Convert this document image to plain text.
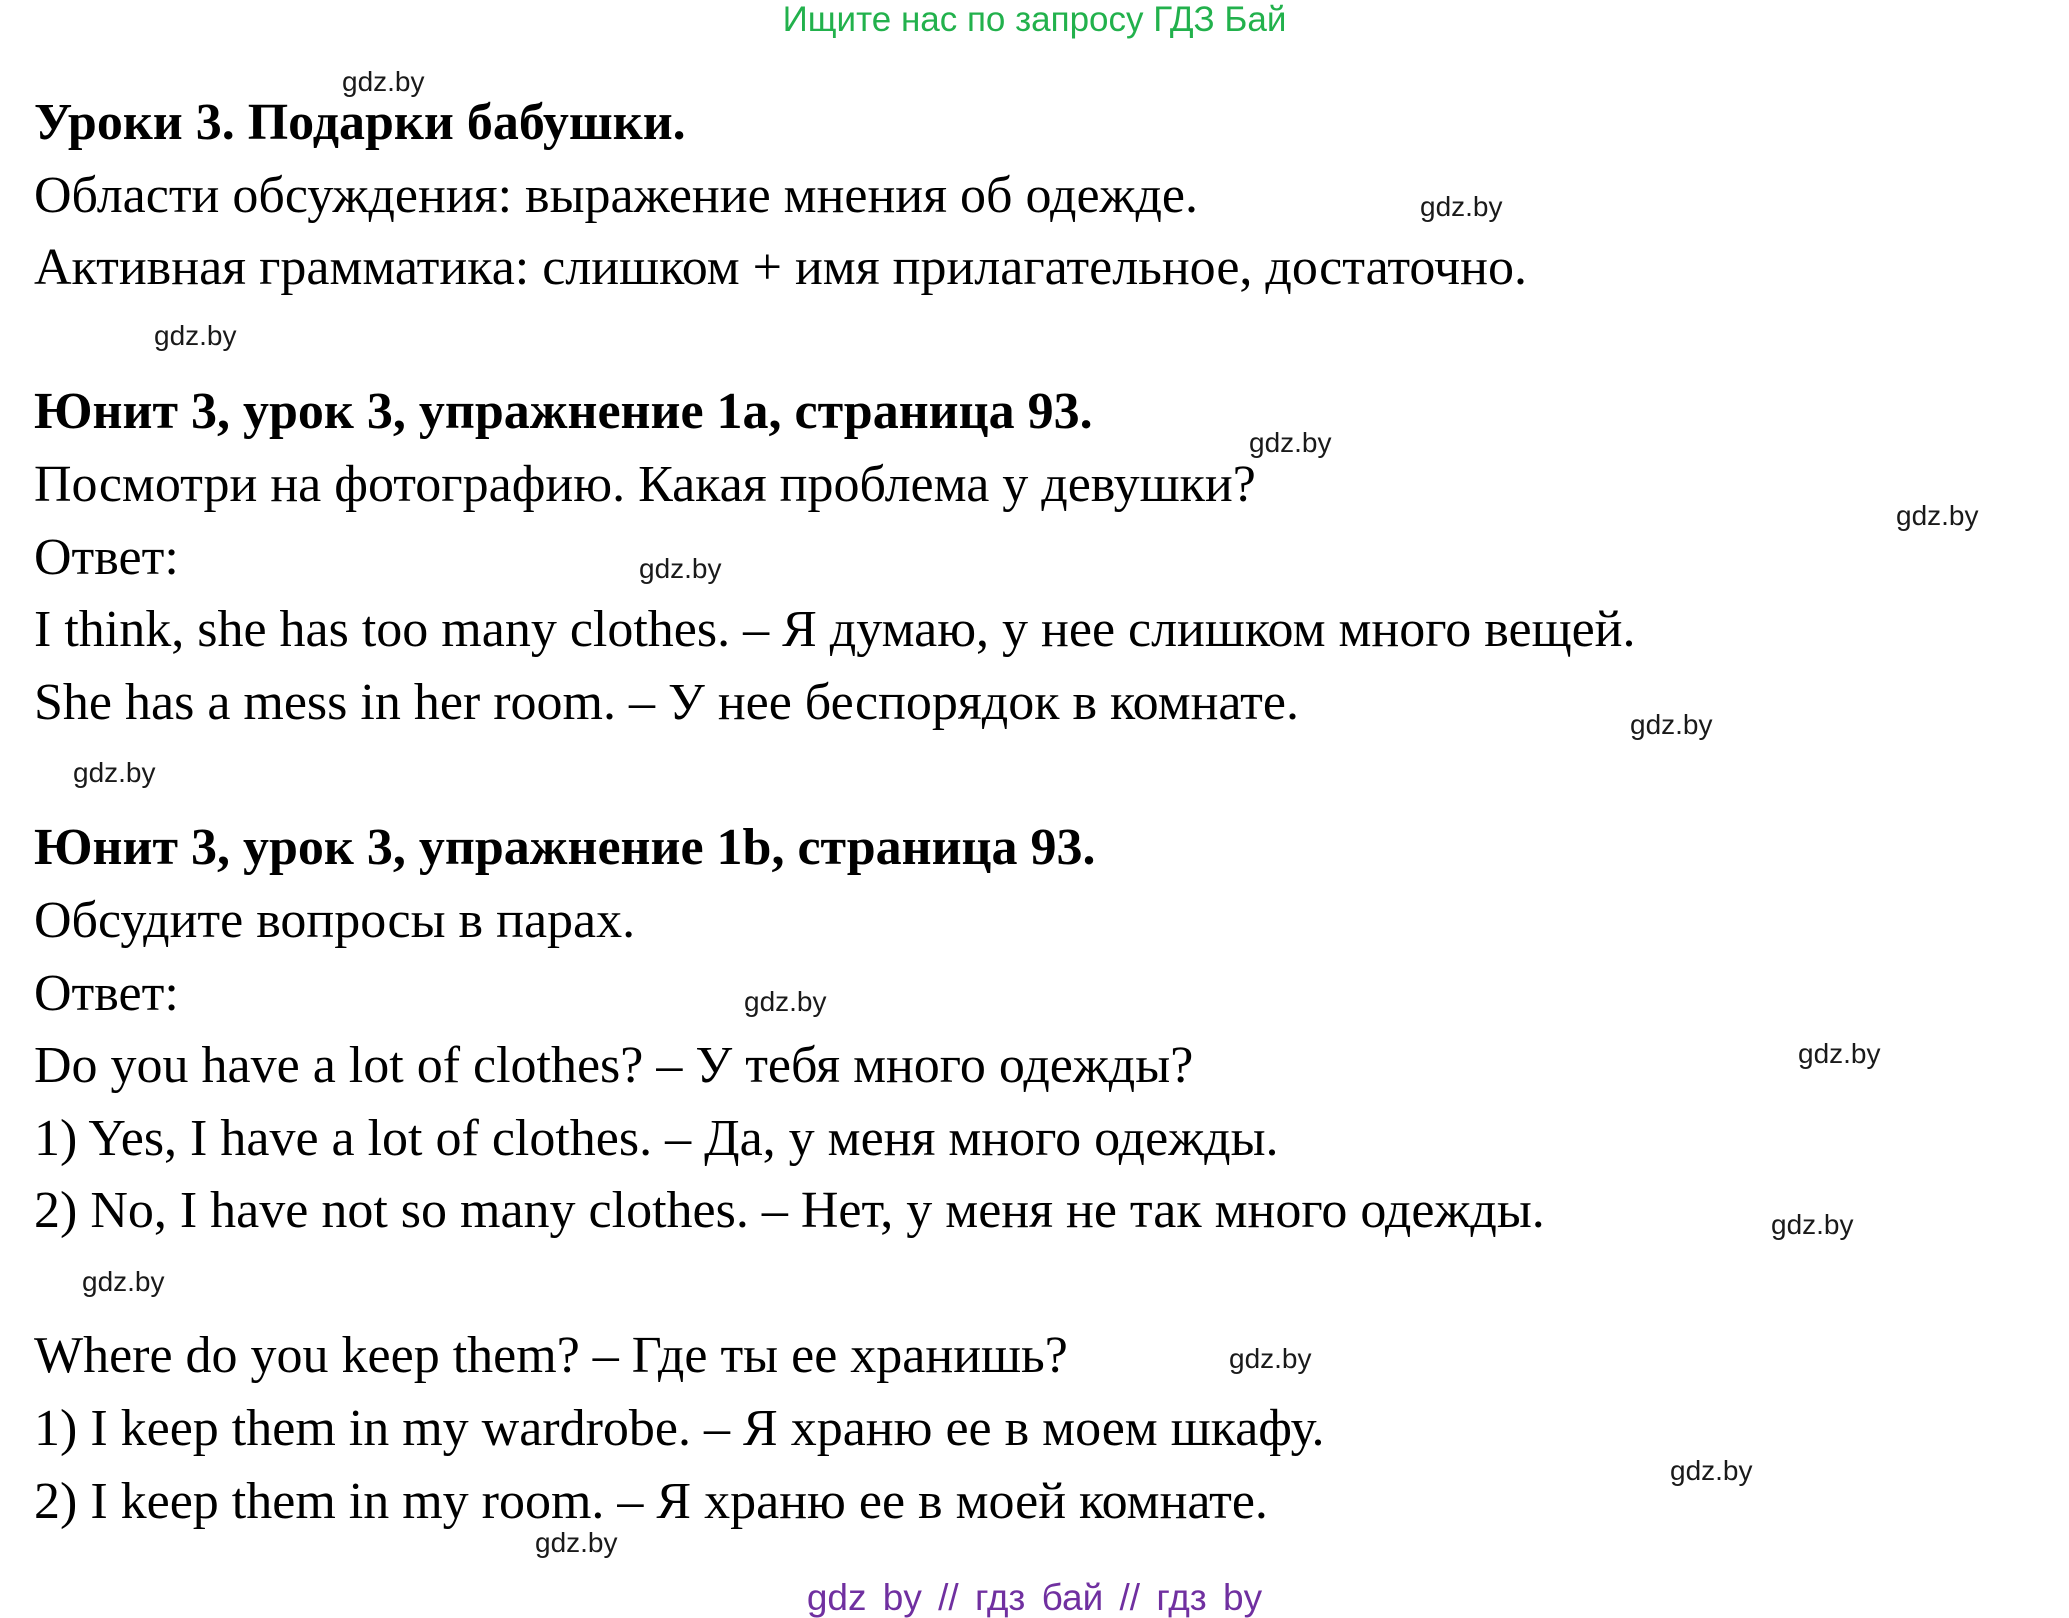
Ищите нас по запросу ГДЗ Бай
Уроки 3. Подарки бабушки.
Области обсуждения: выражение мнения об одежде.
Активная грамматика: слишком + имя прилагательное, достаточно.
Юнит 3, урок 3, упражнение 1a, страница 93.
Посмотри на фотографию. Какая проблема у девушки?
Ответ:
I think, she has too many clothes. – Я думаю, у нее слишком много вещей.
She has a mess in her room. – У нее беспорядок в комнате.
Юнит 3, урок 3, упражнение 1b, страница 93.
Обсудите вопросы в парах.
Ответ:
Do you have a lot of clothes? – У тебя много одежды?
1) Yes, I have a lot of clothes. – Да, у меня много одежды.
2) No, I have not so many clothes. – Нет, у меня не так много одежды.
Where do you keep them? – Где ты ее хранишь?
1) I keep them in my wardrobe. – Я храню ее в моем шкафу.
2) I keep them in my room. – Я храню ее в моей комнате.
gdz.by
gdz.by
gdz.by
gdz.by
gdz.by
gdz.by
gdz.by
gdz.by
gdz.by
gdz.by
gdz.by
gdz.by
gdz.by
gdz.by
gdz.by
gdz by // гдз бай // гдз by
